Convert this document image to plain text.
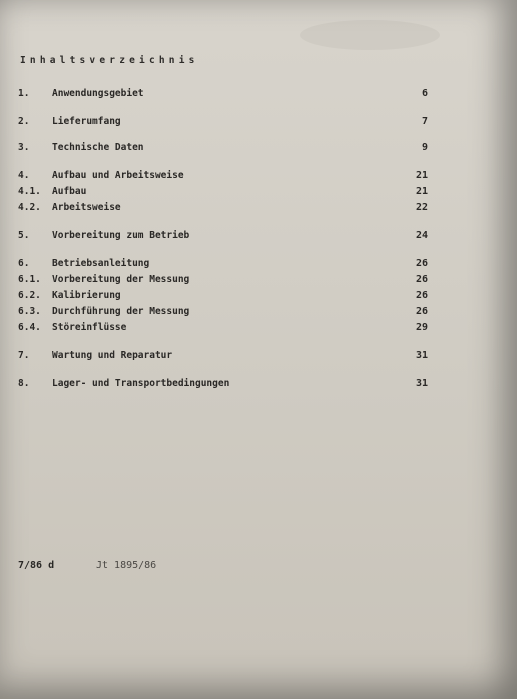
Inhaltsverzeichnis
1. Anwendungsgebiet	6
2. Lieferumfang	7
3. Technische Daten	9
4. Aufbau und Arbeitsweise	21
4.1. Aufbau	21
4.2. Arbeitsweise	22
5. Vorbereitung zum Betrieb	24
6. Betriebsanleitung	26
6.1. Vorbereitung der Messung	26
6.2. Kalibrierung	26
6.3. Durchführung der Messung	26
6.4. Störeinflüsse	29
7. Wartung und Reparatur	31
8. Lager- und Transportbedingungen	31
7/86 d	Jt 1895/86
